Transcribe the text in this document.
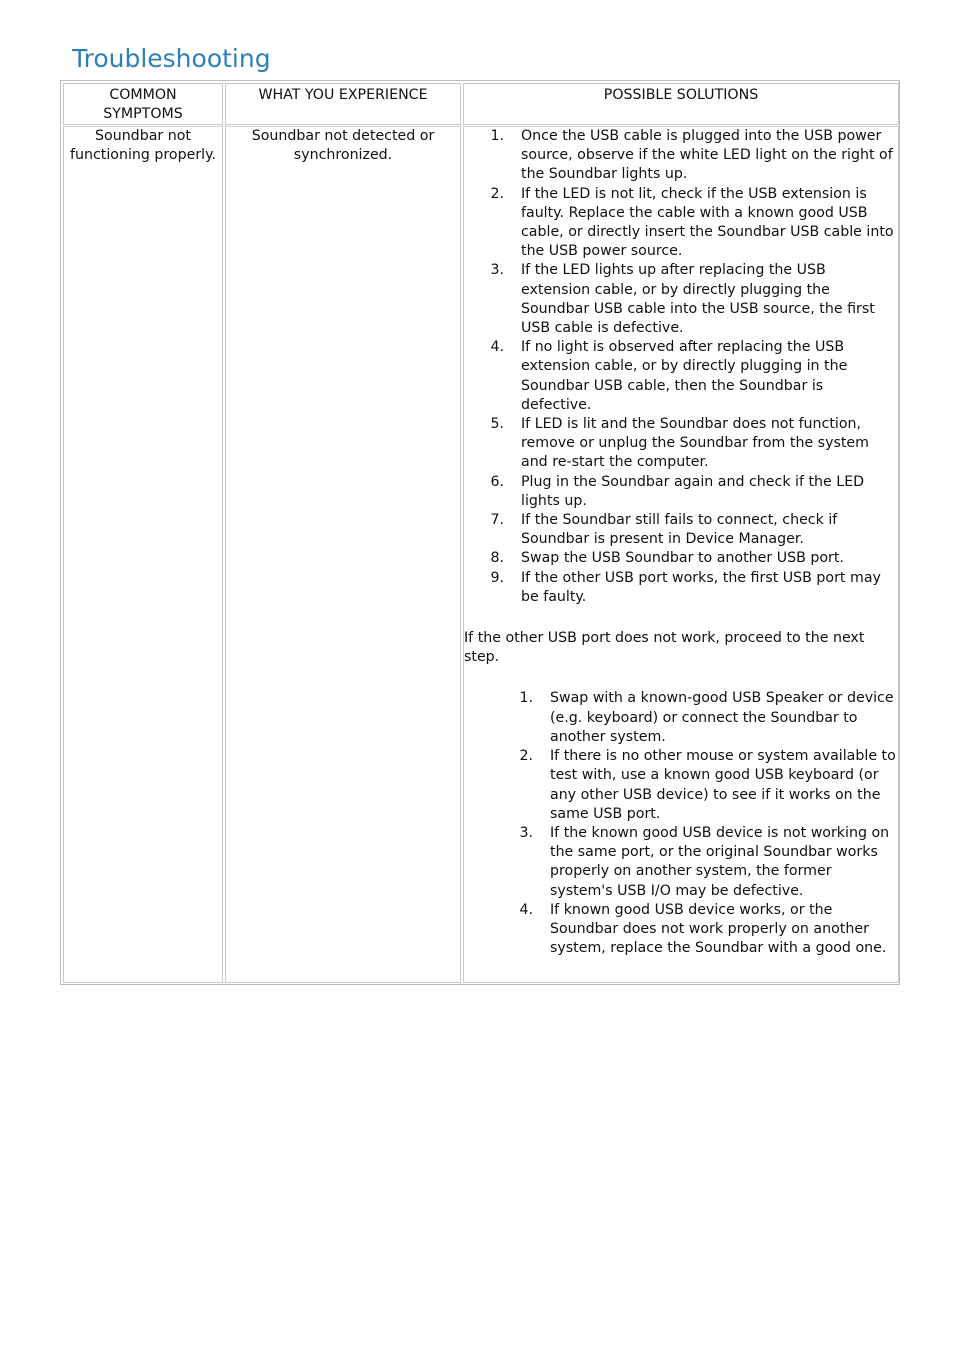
Troubleshooting
COMMON
SYMPTOMS
WHAT YOU EXPERIENCE	POSSIBLE SOLUTIONS
Soundbar not functioning properly.
Soundbar not detected or synchronized.
1. Once the USB cable is plugged into the USB power source, observe if the white LED light on the right of the Soundbar lights up.
2. If the LED is not lit, check if the USB extension is faulty. Replace the cable with a known good USB cable, or directly insert the Soundbar USB cable into the USB power source.
3. If the LED lights up after replacing the USB extension cable, or by directly plugging the Soundbar USB cable into the USB source, the first USB cable is defective.
4. If no light is observed after replacing the USB extension cable, or by directly plugging in the Soundbar USB cable, then the Soundbar is defective.
5. If LED is lit and the Soundbar does not function, remove or unplug the Soundbar from the system and re-start the computer.
6. Plug in the Soundbar again and check if the LED lights up.
7. If the Soundbar still fails to connect, check if Soundbar is present in Device Manager.
8. Swap the USB Soundbar to another USB port.
9. If the other USB port works, the first USB port may be faulty.

If the other USB port does not work, proceed to the next step.

1. Swap with a known-good USB Speaker or device (e.g. keyboard) or connect the Soundbar to another system.
2. If there is no other mouse or system available to test with, use a known good USB keyboard (or any other USB device) to see if it works on the same USB port.
3. If the known good USB device is not working on the same port, or the original Soundbar works properly on another system, the former system's USB I/O may be defective.
4. If known good USB device works, or the Soundbar does not work properly on another system, replace the Soundbar with a good one.
